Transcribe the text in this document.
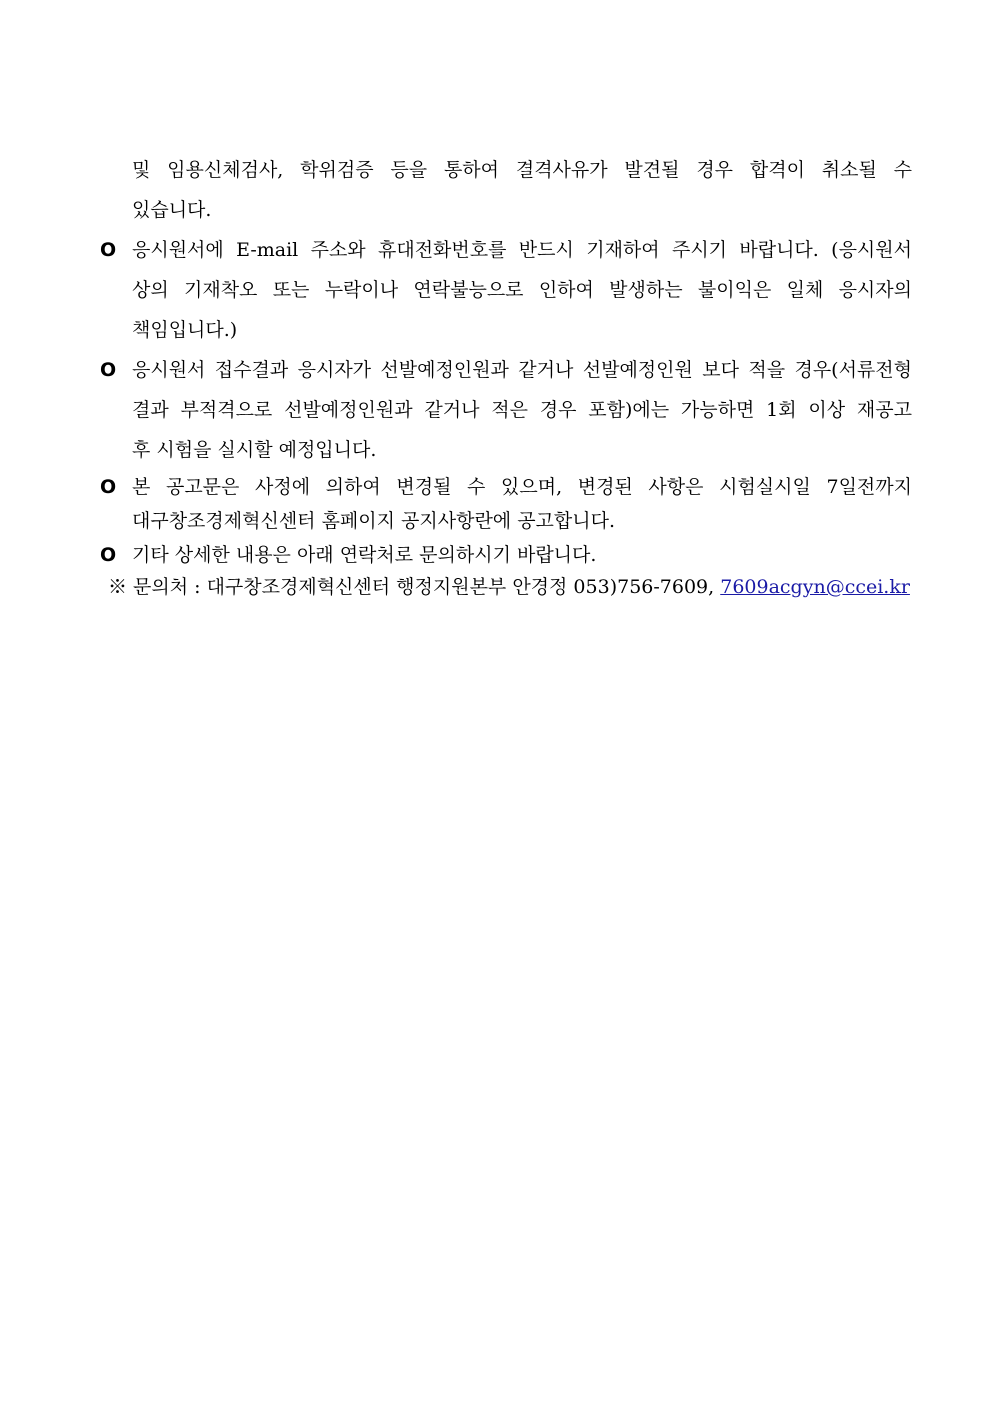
및 임용신체검사, 학위검증 등을 통하여 결격사유가 발견될 경우 합격이 취소될 수
있습니다.
O 응시원서에 E-mail 주소와 휴대전화번호를 반드시 기재하여 주시기 바랍니다. (응시원서
상의 기재착오 또는 누락이나 연락불능으로 인하여 발생하는 불이익은 일체 응시자의
책임입니다.)
O 응시원서 접수결과 응시자가 선발예정인원과 같거나 선발예정인원 보다 적을 경우(서류전형
결과 부적격으로 선발예정인원과 같거나 적은 경우 포함)에는 가능하면 1회 이상 재공고
후 시험을 실시할 예정입니다.
O 본 공고문은 사정에 의하여 변경될 수 있으며, 변경된 사항은 시험실시일 7일전까지
대구창조경제혁신센터 홈페이지 공지사항란에 공고합니다.
O 기타 상세한 내용은 아래 연락처로 문의하시기 바랍니다.
※ 문의처 : 대구창조경제혁신센터 행정지원본부 안경정 053)756-7609, 7609acgyn@ccei.kr
